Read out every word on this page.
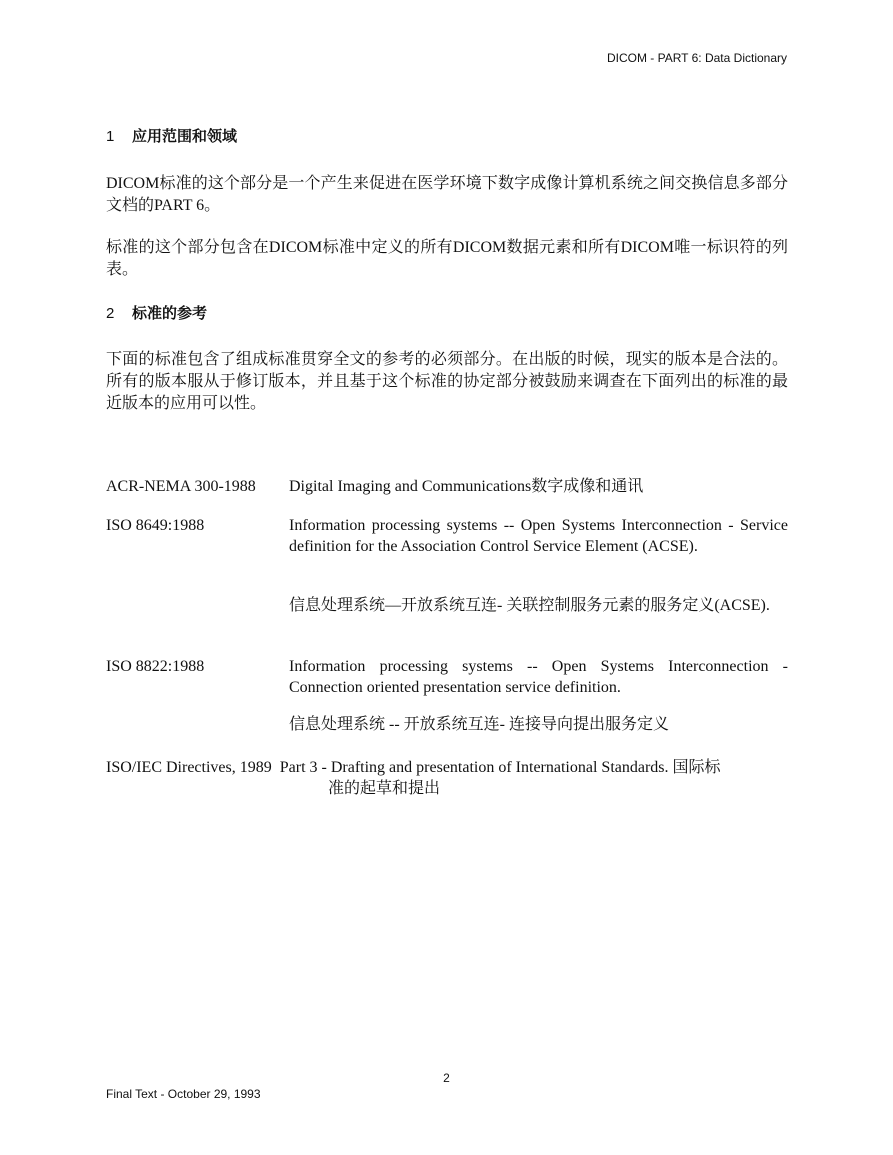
DICOM - PART 6: Data Dictionary
1 应用范围和领域
DICOM标准的这个部分是一个产生来促进在医学环境下数字成像计算机系统之间交换信息多部分文档的PART 6。
标准的这个部分包含在DICOM标准中定义的所有DICOM数据元素和所有DICOM唯一标识符的列表。
2 标准的参考
下面的标准包含了组成标准贯穿全文的参考的必须部分。在出版的时候，现实的版本是合法的。所有的版本服从于修订版本，并且基于这个标准的协定部分被鼓励来调查在下面列出的标准的最近版本的应用可以性。
ACR-NEMA 300-1988 Digital Imaging and Communications数字成像和通讯
ISO 8649:1988	Information processing systems -- Open Systems Interconnection - Service definition for the Association Control Service Element (ACSE).
信息处理系统—开放系统互连- 关联控制服务元素的服务定义(ACSE).
ISO 8822:1988	Information processing systems -- Open Systems Interconnection - Connection oriented presentation service definition.
信息处理系统 -- 开放系统互连- 连接导向提出服务定义
ISO/IEC Directives, 1989  Part 3 - Drafting and presentation of International Standards. 国际标
准的起草和提出
2
Final Text - October 29, 1993
